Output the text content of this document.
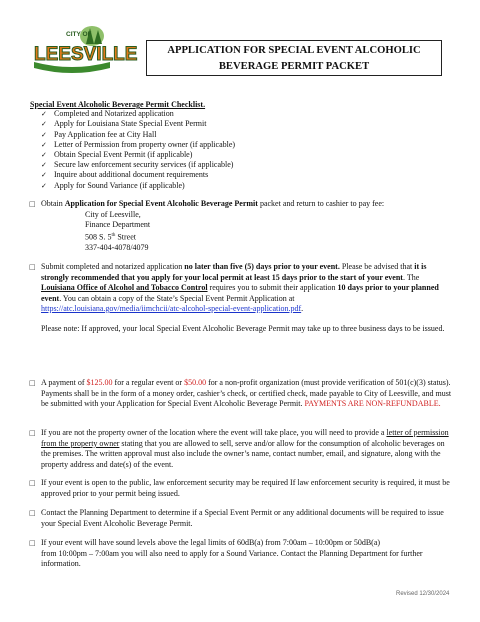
CITY OF
LEESVILLE	APPLICATION FOR SPECIAL EVENT ALCOHOLIC
BEVERAGE PERMIT PACKET
Special Event Alcoholic Beverage Permit Checklist.
✓ Completed and Notarized application
✓ Apply for Louisiana State Special Event Permit
✓ Pay Application fee at City Hall
✓ Letter of Permission from property owner (if applicable)
✓ Obtain Special Event Permit (if applicable)
✓ Secure law enforcement security services (if applicable)
✓ Inquire about additional document requirements
✓ Apply for Sound Variance (if applicable)
□ Obtain Application for Special Event Alcoholic Beverage Permit packet and return to cashier to pay fee:

City of Leesville,
Finance Department
508 S. 5th Street
337-404-4078/4079
□ Submit completed and notarized application no later than five (5) days prior to your event. Please be advised that it is strongly recommended that you apply for your local permit at least 15 days prior to the start of your event. The Louisiana Office of Alcohol and Tobacco Control requires you to submit their application 10 days prior to your planned event. You can obtain a copy of the State’s Special Event Permit Application at
https://atc.louisiana.gov/media/iimchcii/atc-alcohol-special-event-application.pdf.

Please note: If approved, your local Special Event Alcoholic Beverage Permit may take up to three business days to be issued.

□ A payment of $125.00 for a regular event or $50.00 for a non-profit organization (must provide verification of 501(c)(3) status). Payments shall be in the form of a money order, cashier’s check, or certified check, made payable to City of Leesville, and must be submitted with your Application for Special Event Alcoholic Beverage Permit. PAYMENTS ARE NON-REFUNDABLE.

□ If you are not the property owner of the location where the event will take place, you will need to provide a letter of permission from the property owner stating that you are allowed to sell, serve and/or allow for the consumption of alcoholic beverages on the premises. The written approval must also include the owner’s name, contact number, email, and signature, along with the property address and date(s) of the event.

□ If your event is open to the public, law enforcement security may be required If law enforcement security is required, it must be approved prior to your permit being issued.

□ Contact the Planning Department to determine if a Special Event Permit or any additional documents will be required to issue your Special Event Alcoholic Beverage Permit.

□ If your event will have sound levels above the legal limits of 60dB(a) from 7:00am – 10:00pm or 50dB(a)
from 10:00pm – 7:00am you will also need to apply for a Sound Variance. Contact the Planning Department for further information.

Revised 12/30/2024
